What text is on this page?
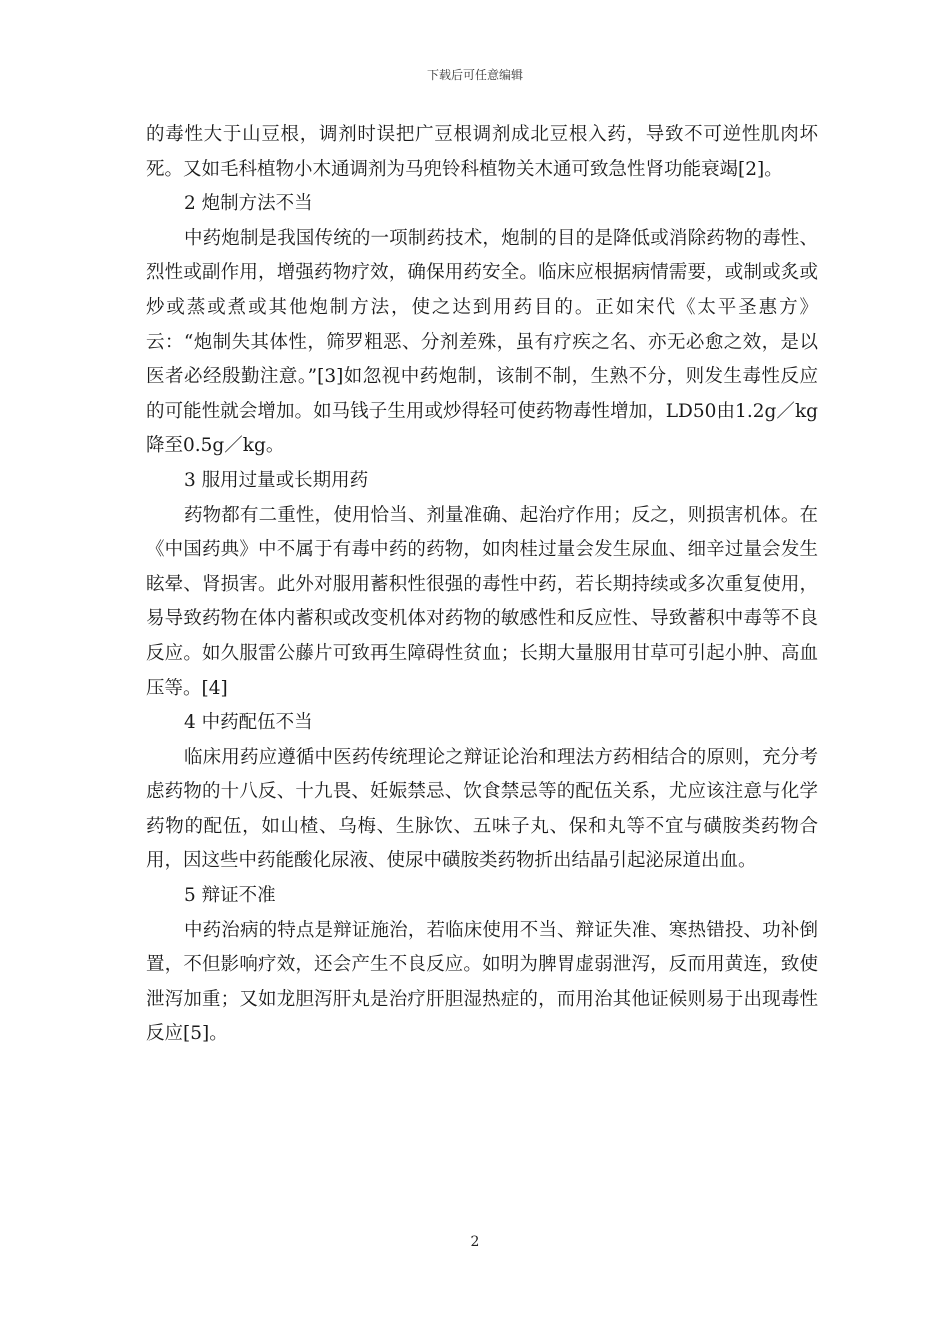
下载后可任意编辑

的毒性大于山豆根，调剂时误把广豆根调剂成北豆根入药，导致不可逆性肌肉坏死。又如毛科植物小木通调剂为马兜铃科植物关木通可致急性肾功能衰竭[2]。

2 炮制方法不当

中药炮制是我国传统的一项制药技术，炮制的目的是降低或消除药物的毒性、烈性或副作用，增强药物疗效，确保用药安全。临床应根据病情需要，或制或炙或炒或蒸或煮或其他炮制方法，使之达到用药目的。正如宋代《太平圣惠方》云：“炮制失其体性，筛罗粗恶、分剂差殊，虽有疗疾之名、亦无必愈之效，是以医者必经殷勤注意。”[3]如忽视中药炮制，该制不制，生熟不分，则发生毒性反应的可能性就会增加。如马钱子生用或炒得轻可使药物毒性增加，LD50由1.2g／kg降至0.5g／kg。

3 服用过量或长期用药

药物都有二重性，使用恰当、剂量准确、起治疗作用；反之，则损害机体。在《中国药典》中不属于有毒中药的药物，如肉桂过量会发生尿血、细辛过量会发生眩晕、肾损害。此外对服用蓄积性很强的毒性中药，若长期持续或多次重复使用，易导致药物在体内蓄积或改变机体对药物的敏感性和反应性、导致蓄积中毒等不良反应。如久服雷公藤片可致再生障碍性贫血；长期大量服用甘草可引起小肿、高血压等。[4]

4 中药配伍不当

临床用药应遵循中医药传统理论之辩证论治和理法方药相结合的原则，充分考虑药物的十八反、十九畏、妊娠禁忌、饮食禁忌等的配伍关系，尤应该注意与化学药物的配伍，如山楂、乌梅、生脉饮、五味子丸、保和丸等不宜与磺胺类药物合用，因这些中药能酸化尿液、使尿中磺胺类药物折出结晶引起泌尿道出血。

5 辩证不准

中药治病的特点是辩证施治，若临床使用不当、辩证失准、寒热错投、功补倒置，不但影响疗效，还会产生不良反应。如明为脾胃虚弱泄泻，反而用黄连，致使泄泻加重；又如龙胆泻肝丸是治疗肝胆湿热症的，而用治其他证候则易于出现毒性反应[5]。

2
